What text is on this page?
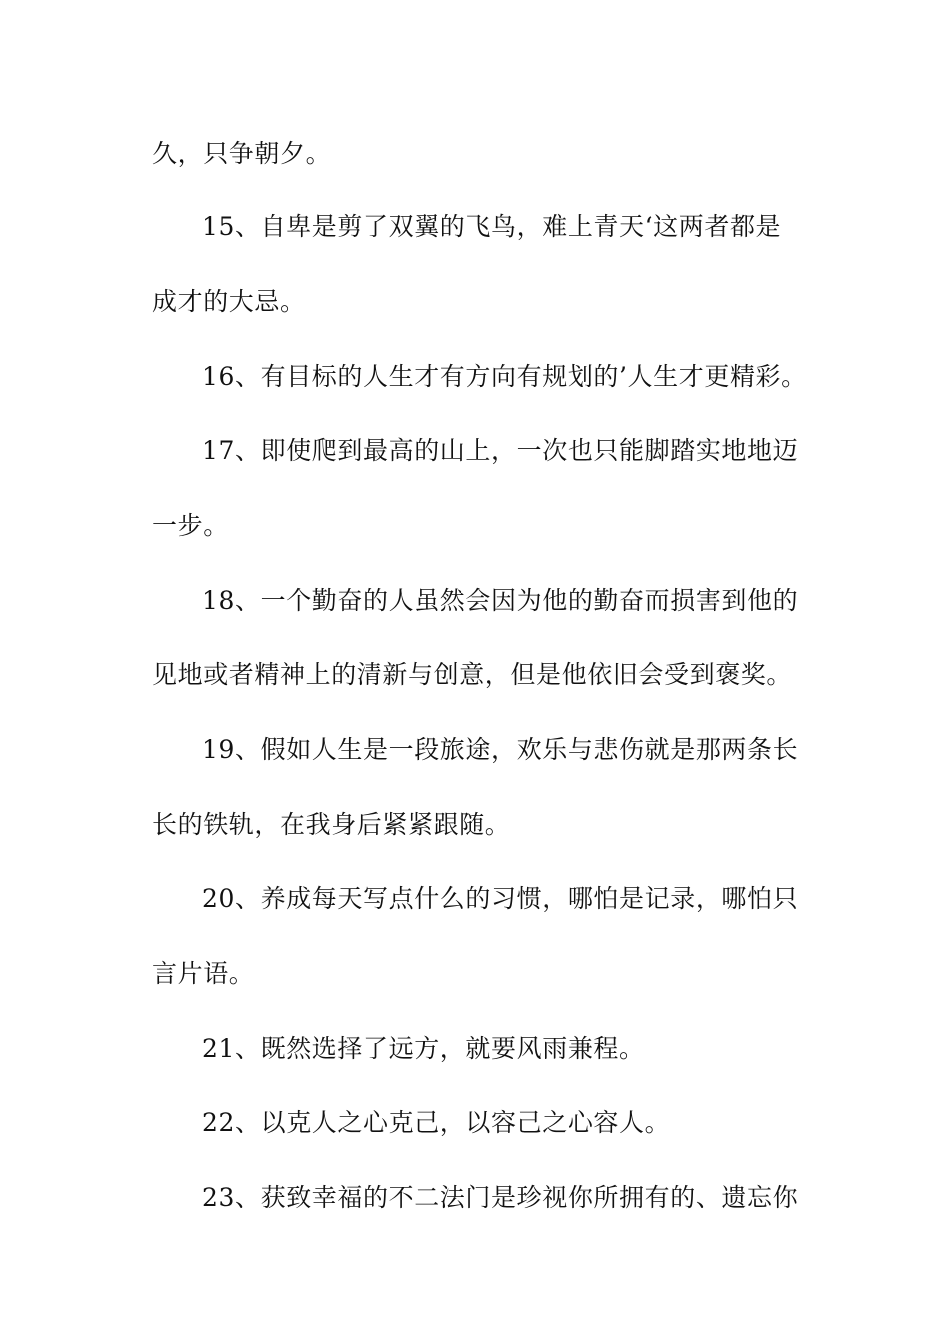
久，只争朝夕。
15、自卑是剪了双翼的飞鸟，难上青天‘这两者都是
成才的大忌。
16、有目标的人生才有方向有规划的’人生才更精彩。
17、即使爬到最高的山上，一次也只能脚踏实地地迈
一步。
18、一个勤奋的人虽然会因为他的勤奋而损害到他的
见地或者精神上的清新与创意，但是他依旧会受到褒奖。
19、假如人生是一段旅途，欢乐与悲伤就是那两条长
长的铁轨，在我身后紧紧跟随。
20、养成每天写点什么的习惯，哪怕是记录，哪怕只
言片语。
21、既然选择了远方，就要风雨兼程。
22、以克人之心克己，以容己之心容人。
23、获致幸福的不二法门是珍视你所拥有的、遗忘你
